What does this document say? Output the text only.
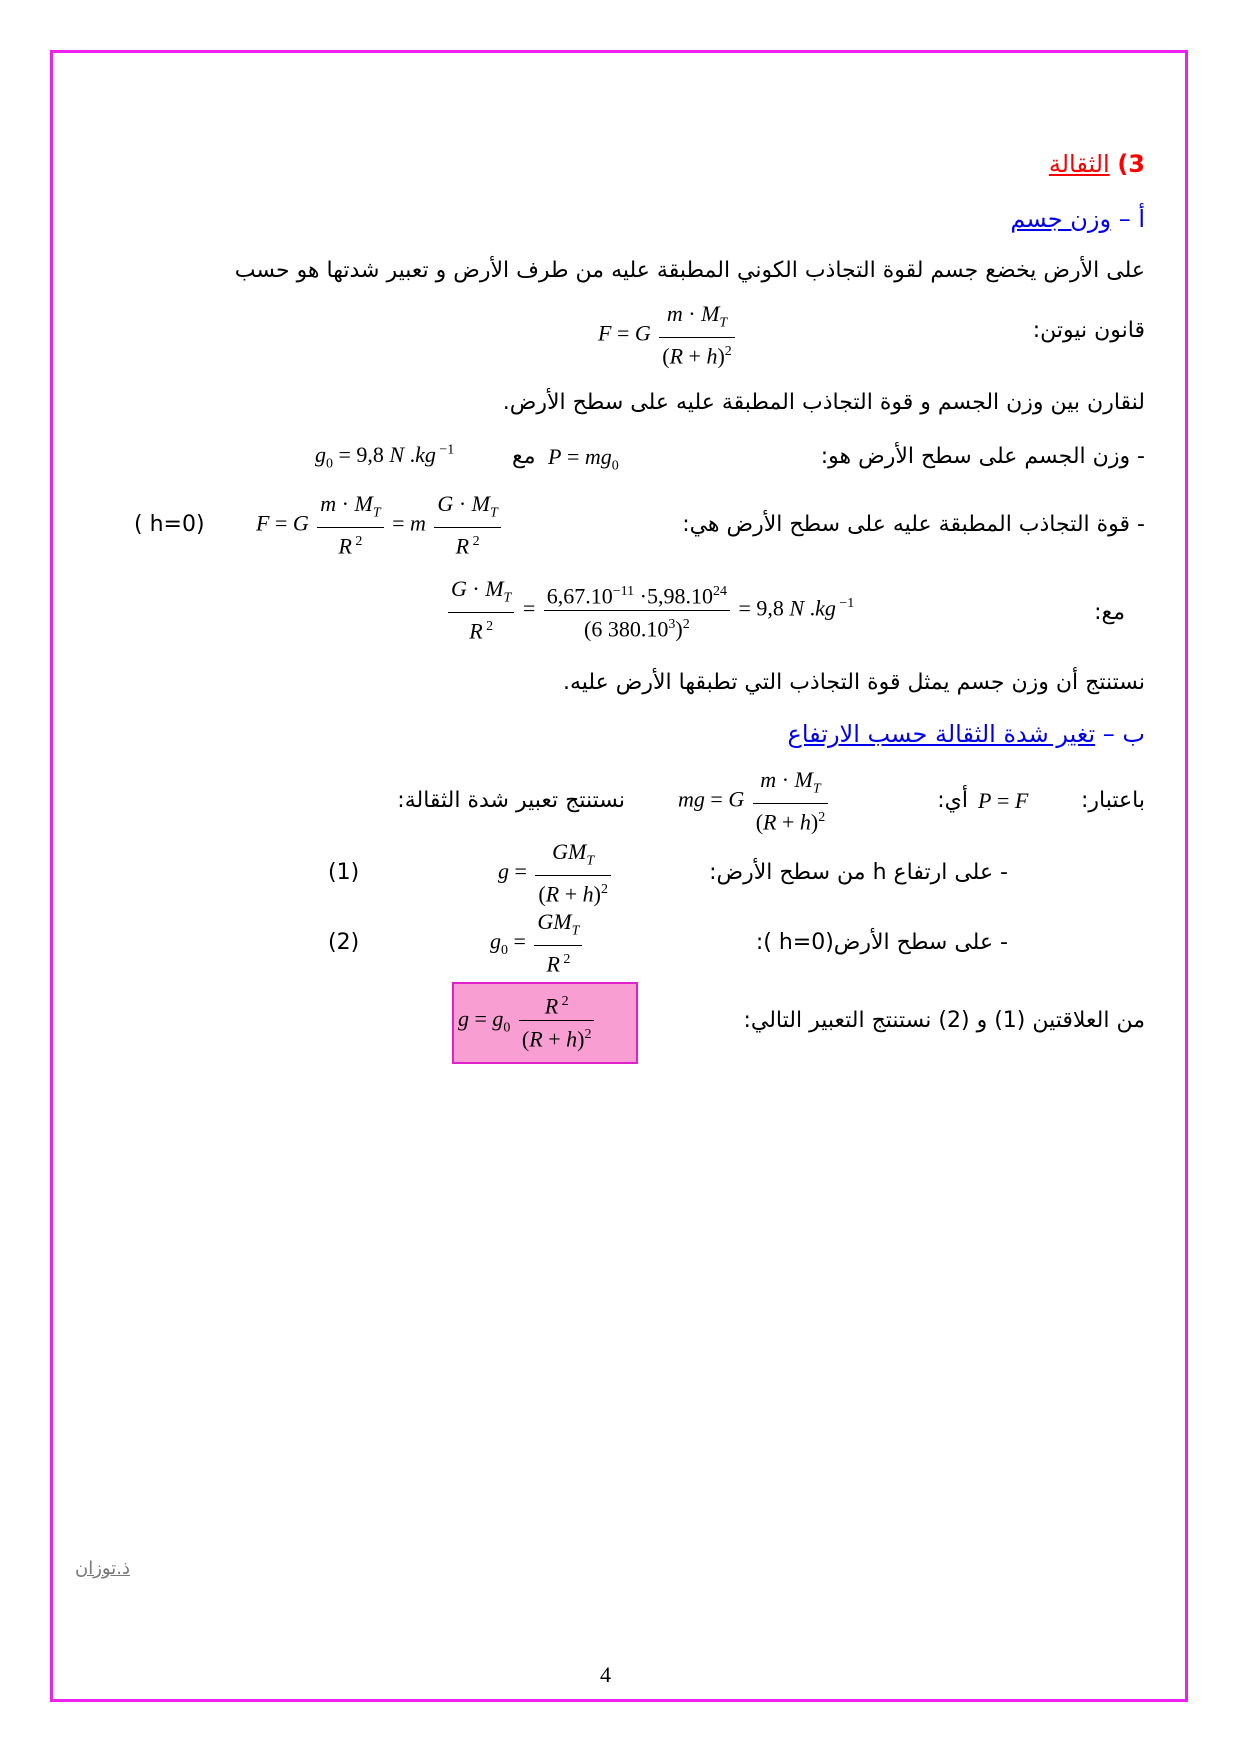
3) الثقالة
أ – وزن جسم
على الأرض يخضع جسم لقوة التجاذب الكوني المطبقة عليه من طرف الأرض و تعبير شدتها هو حسب
قانون نيوتن:
F = G $\frac{m \cdot M_T}{(R + h)^2}$
لنقارن بين وزن الجسم و قوة التجاذب المطبقة عليه على سطح الأرض.
- وزن الجسم على سطح الأرض هو:
$P = mg_0$
مع
$g_0 = 9,8$ N .kg $^{-1}$
- قوة التجاذب المطبقة عليه على سطح الأرض هي:
F = G $\frac{m \cdot M_T}{R ^2} = m \frac{G \cdot M_T}{R ^2}$
( h=0)
مع:
$\frac{G \cdot M_T}{R ^2} = \frac{6,67.10^{-11} \cdot 5,98.10^{24}}{(6 380.10^3)^2} = 9,8$ N .kg $^{-1}$
نستنتج أن وزن جسم يمثل قوة التجاذب التي تطبقها الأرض عليه.
ب – تغير شدة الثقالة حسب الارتفاع
باعتبار:
P = F
أي:
mg = G $\frac{m \cdot M_T}{(R + h)^2}$
نستنتج تعبير شدة الثقالة:
- على ارتفاع h من سطح الأرض:
$g = \frac{GM_T}{(R + h)^2}$
(1)
- على سطح الأرض(h=0 ):
$g_0 = \frac{GM_T}{R ^2}$
(2)
من العلاقتين (1) و (2) نستنتج التعبير التالي:
$g = g_0 \frac{R ^2}{(R + h)^2}$
ذ.توزان
4
